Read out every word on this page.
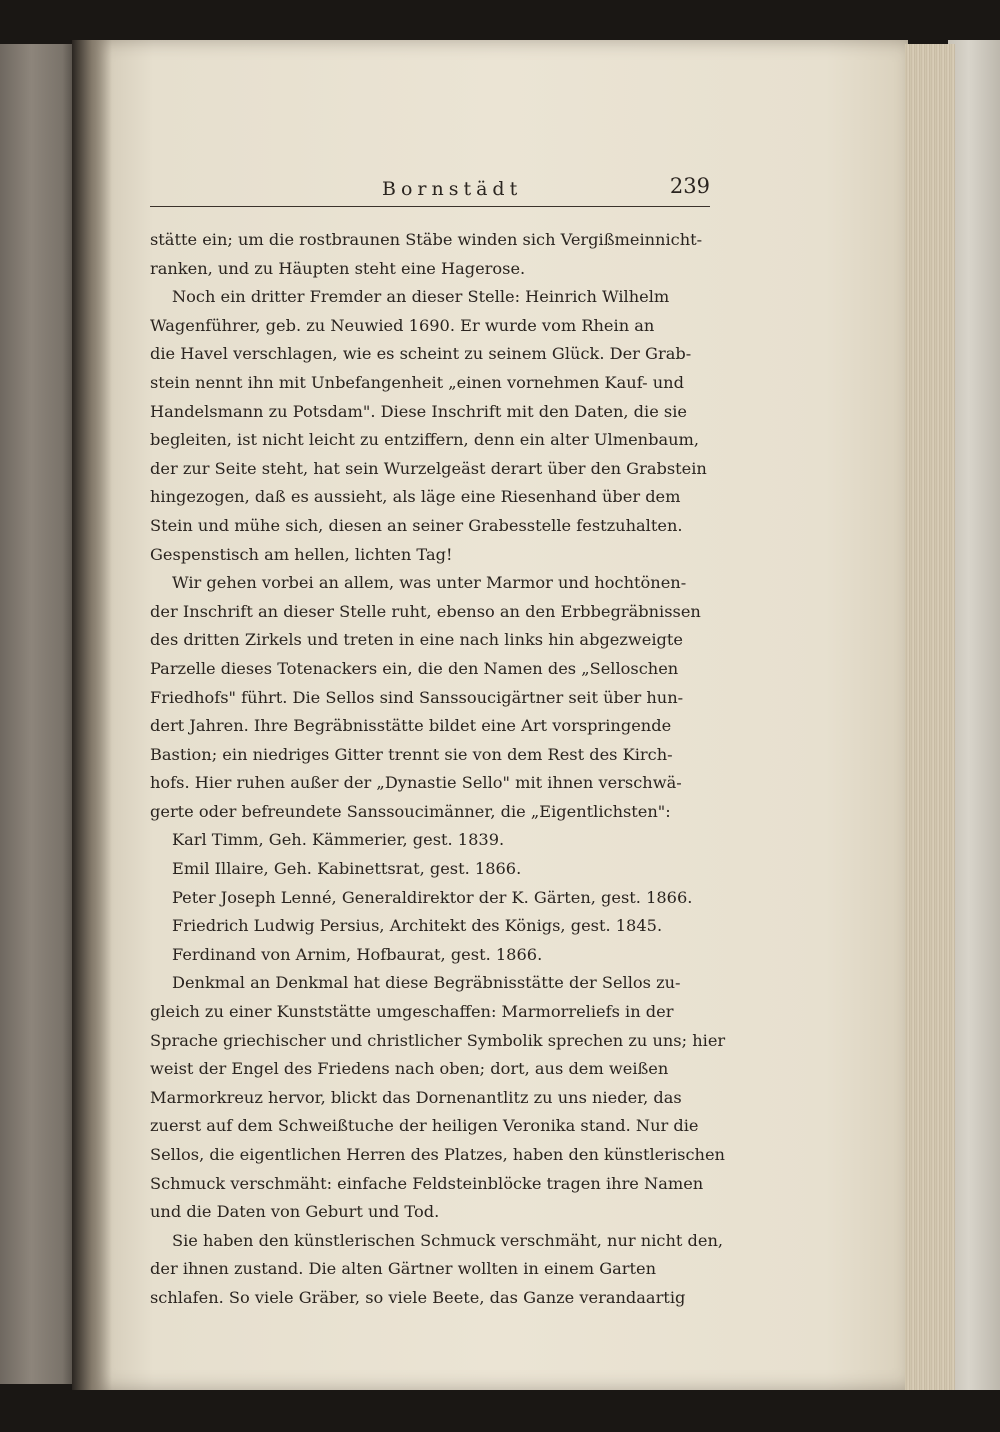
Bornstädt	239
stätte ein; um die rostbraunen Stäbe winden sich Vergißmeinnicht-
ranken, und zu Häupten steht eine Hagerose.
Noch ein dritter Fremder an dieser Stelle: Heinrich Wilhelm
Wagenführer, geb. zu Neuwied 1690. Er wurde vom Rhein an
die Havel verschlagen, wie es scheint zu seinem Glück. Der Grab-
stein nennt ihn mit Unbefangenheit „einen vornehmen Kauf- und
Handelsmann zu Potsdam". Diese Inschrift mit den Daten, die sie
begleiten, ist nicht leicht zu entziffern, denn ein alter Ulmenbaum,
der zur Seite steht, hat sein Wurzelgeäst derart über den Grabstein
hingezogen, daß es aussieht, als läge eine Riesenhand über dem
Stein und mühe sich, diesen an seiner Grabesstelle festzuhalten.
Gespenstisch am hellen, lichten Tag!
Wir gehen vorbei an allem, was unter Marmor und hochtönen-
der Inschrift an dieser Stelle ruht, ebenso an den Erbbegräbnissen
des dritten Zirkels und treten in eine nach links hin abgezweigte
Parzelle dieses Totenackers ein, die den Namen des „Selloschen
Friedhofs" führt. Die Sellos sind Sanssoucigärtner seit über hun-
dert Jahren. Ihre Begräbnisstätte bildet eine Art vorspringende
Bastion; ein niedriges Gitter trennt sie von dem Rest des Kirch-
hofs. Hier ruhen außer der „Dynastie Sello" mit ihnen verschwä-
gerte oder befreundete Sanssoucimänner, die „Eigentlichsten":
Karl Timm, Geh. Kämmerier, gest. 1839.
Emil Illaire, Geh. Kabinettsrat, gest. 1866.
Peter Joseph Lenné, Generaldirektor der K. Gärten, gest. 1866.
Friedrich Ludwig Persius, Architekt des Königs, gest. 1845.
Ferdinand von Arnim, Hofbaurat, gest. 1866.
Denkmal an Denkmal hat diese Begräbnisstätte der Sellos zu-
gleich zu einer Kunststätte umgeschaffen: Marmorreliefs in der
Sprache griechischer und christlicher Symbolik sprechen zu uns; hier
weist der Engel des Friedens nach oben; dort, aus dem weißen
Marmorkreuz hervor, blickt das Dornenantlitz zu uns nieder, das
zuerst auf dem Schweißtuche der heiligen Veronika stand. Nur die
Sellos, die eigentlichen Herren des Platzes, haben den künstlerischen
Schmuck verschmäht: einfache Feldsteinblöcke tragen ihre Namen
und die Daten von Geburt und Tod.
Sie haben den künstlerischen Schmuck verschmäht, nur nicht den,
der ihnen zustand. Die alten Gärtner wollten in einem Garten
schlafen. So viele Gräber, so viele Beete, das Ganze verandaartig
